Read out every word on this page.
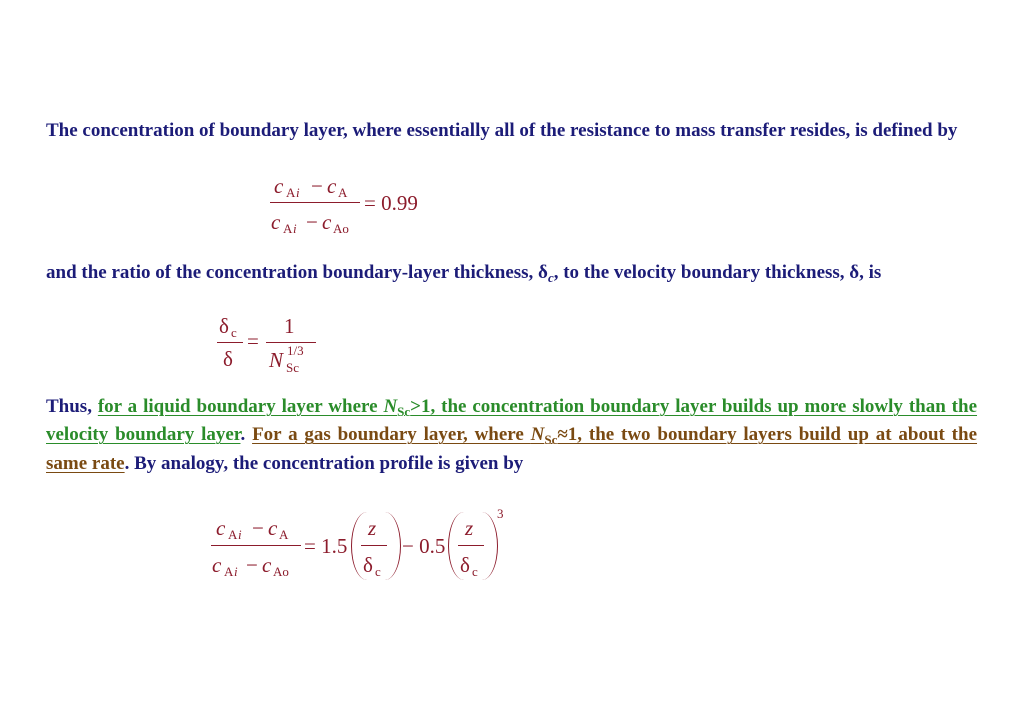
The concentration of boundary layer, where essentially all of the resistance to mass transfer resides, is defined by
c A i − c A
c A i − c Ao
= 0.99
and the ratio of the concentration boundary-layer thickness, $\delta_c$, to the velocity boundary thickness, δ, is
δ c
δ
=
1
N 1/3
Sc
Thus, for a liquid boundary layer where $N_{Sc}>1$, the concentration boundary layer builds up more slowly than the velocity boundary layer. For a gas boundary layer, where $N_{Sc}\approx 1$, the two boundary layers build up at about the same rate. By analogy, the concentration profile is given by
c A i − c A
c A i − c Ao
= 1.5
z
δ c
− 0.5
z
δ c
3
